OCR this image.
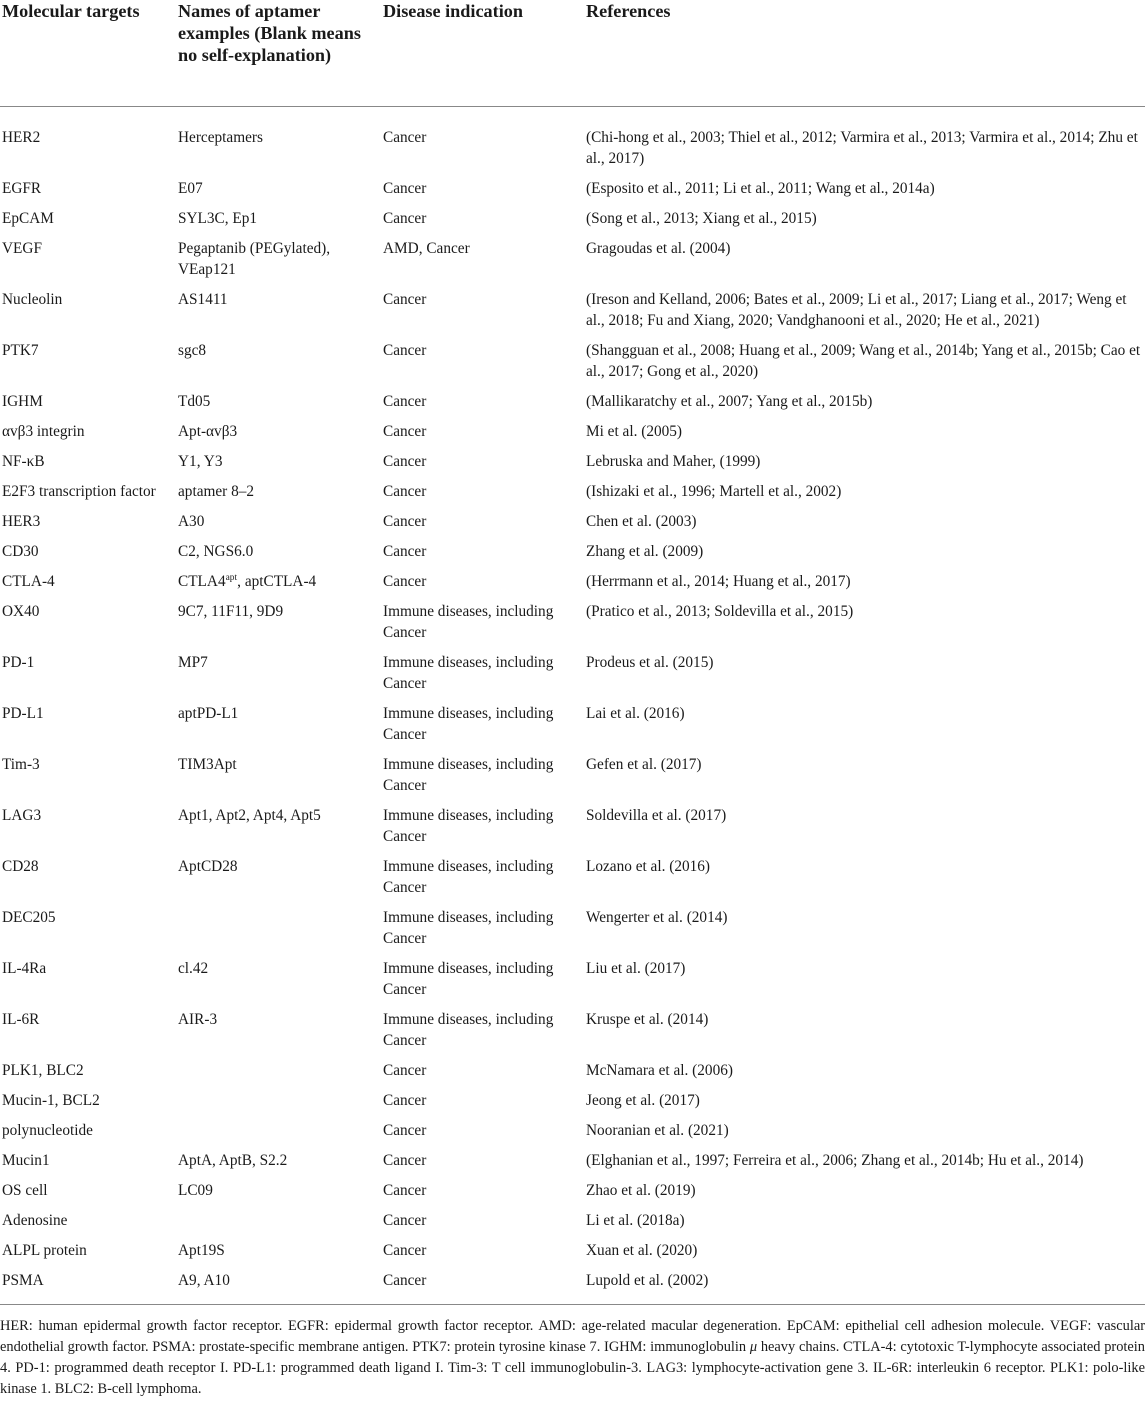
Molecular targets	Names of aptamer examples (Blank means no self-explanation)	Disease indication	References
HER2	Herceptamers	Cancer	(Chi-hong et al., 2003; Thiel et al., 2012; Varmira et al., 2013; Varmira et al., 2014; Zhu et al., 2017)
EGFR	E07	Cancer	(Esposito et al., 2011; Li et al., 2011; Wang et al., 2014a)
EpCAM	SYL3C, Ep1	Cancer	(Song et al., 2013; Xiang et al., 2015)
VEGF	Pegaptanib (PEGylated), VEap121	AMD, Cancer	Gragoudas et al. (2004)
Nucleolin	AS1411	Cancer	(Ireson and Kelland, 2006; Bates et al., 2009; Li et al., 2017; Liang et al., 2017; Weng et al., 2018; Fu and Xiang, 2020; Vandghanooni et al., 2020; He et al., 2021)
PTK7	sgc8	Cancer	(Shangguan et al., 2008; Huang et al., 2009; Wang et al., 2014b; Yang et al., 2015b; Cao et al., 2017; Gong et al., 2020)
IGHM	Td05	Cancer	(Mallikaratchy et al., 2007; Yang et al., 2015b)
αvβ3 integrin	Apt-αvβ3	Cancer	Mi et al. (2005)
NF-κB	Y1, Y3	Cancer	Lebruska and Maher, (1999)
E2F3 transcription factor	aptamer 8–2	Cancer	(Ishizaki et al., 1996; Martell et al., 2002)
HER3	A30	Cancer	Chen et al. (2003)
CD30	C2, NGS6.0	Cancer	Zhang et al. (2009)
CTLA-4	$CTLA4^{apt}$, aptCTLA-4	Cancer	(Herrmann et al., 2014; Huang et al., 2017)
OX40	9C7, 11F11, 9D9	Immune diseases, including Cancer	(Pratico et al., 2013; Soldevilla et al., 2015)
PD-1	MP7	Immune diseases, including Cancer	Prodeus et al. (2015)
PD-L1	aptPD-L1	Immune diseases, including Cancer	Lai et al. (2016)
Tim-3	TIM3Apt	Immune diseases, including Cancer	Gefen et al. (2017)
LAG3	Apt1, Apt2, Apt4, Apt5	Immune diseases, including Cancer	Soldevilla et al. (2017)
CD28	AptCD28	Immune diseases, including Cancer	Lozano et al. (2016)
DEC205		Immune diseases, including Cancer	Wengerter et al. (2014)
IL-4Ra	cl.42	Immune diseases, including Cancer	Liu et al. (2017)
IL-6R	AIR-3	Immune diseases, including Cancer	Kruspe et al. (2014)
PLK1, BLC2		Cancer	McNamara et al. (2006)
Mucin-1, BCL2		Cancer	Jeong et al. (2017)
polynucleotide		Cancer	Nooranian et al. (2021)
Mucin1	AptA, AptB, S2.2	Cancer	(Elghanian et al., 1997; Ferreira et al., 2006; Zhang et al., 2014b; Hu et al., 2014)
OS cell	LC09	Cancer	Zhao et al. (2019)
Adenosine		Cancer	Li et al. (2018a)
ALPL protein	Apt19S	Cancer	Xuan et al. (2020)
PSMA	A9, A10	Cancer	Lupold et al. (2002)

HER: human epidermal growth factor receptor. EGFR: epidermal growth factor receptor. AMD: age-related macular degeneration. EpCAM: epithelial cell adhesion molecule. VEGF: vascular endothelial growth factor. PSMA: prostate-specific membrane antigen. PTK7: protein tyrosine kinase 7. IGHM: immunoglobulin μ heavy chains. CTLA-4: cytotoxic T-lymphocyte associated protein 4. PD-1: programmed death receptor I. PD-L1: programmed death ligand I. Tim-3: T cell immunoglobulin-3. LAG3: lymphocyte-activation gene 3. IL-6R: interleukin 6 receptor. PLK1: polo-like kinase 1. BLC2: B-cell lymphoma.
